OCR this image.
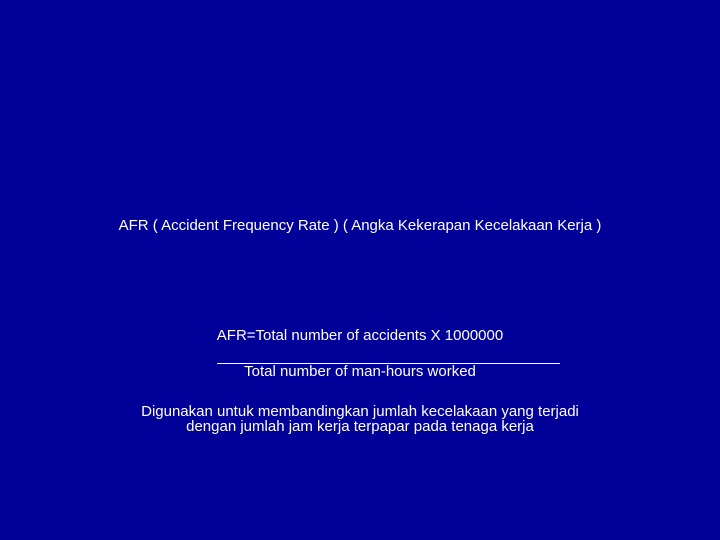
AFR ( Accident Frequency Rate ) ( Angka Kekerapan Kecelakaan Kerja )
AFR=Total number of accidents X 1000000
Total number of man-hours worked
Digunakan untuk membandingkan jumlah kecelakaan yang terjadi
dengan jumlah jam kerja terpapar pada tenaga kerja
